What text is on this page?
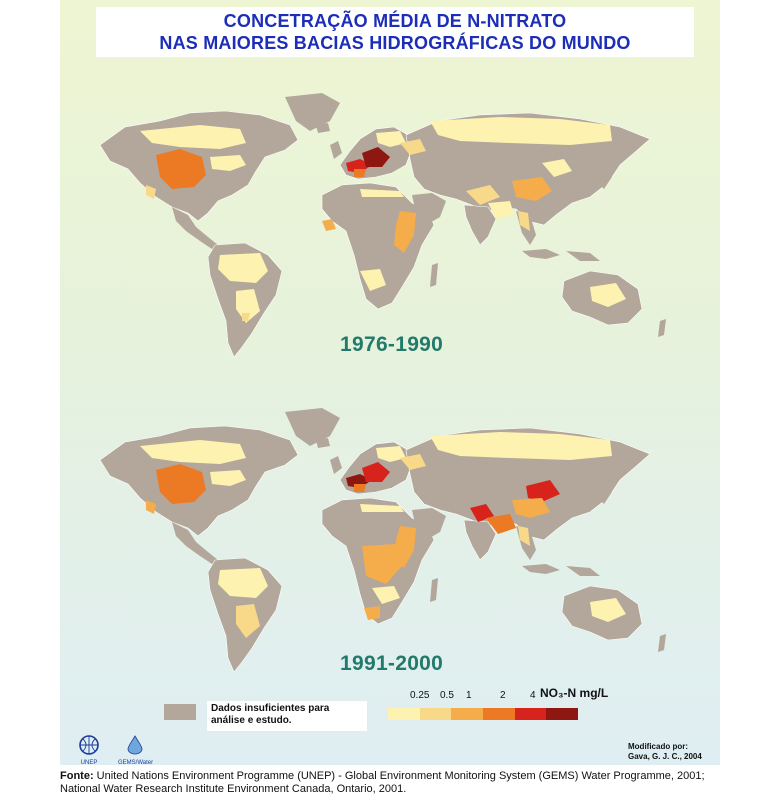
CONCETRAÇÃO MÉDIA DE N-NITRATO
NAS MAIORES BACIAS HIDROGRÁFICAS DO MUNDO
1976-1990
1991-2000
Dados insuficientes para análise e estudo.
0.25 0.5 1	2 4 NO₃-N mg/L
UNEP	GEMS/Water
Modificado por:
Gava, G. J. C., 2004
Fonte: United Nations Environment Programme (UNEP) - Global Environment Monitoring System (GEMS) Water Programme, 2001; National Water Research Institute Environment Canada, Ontario, 2001.
